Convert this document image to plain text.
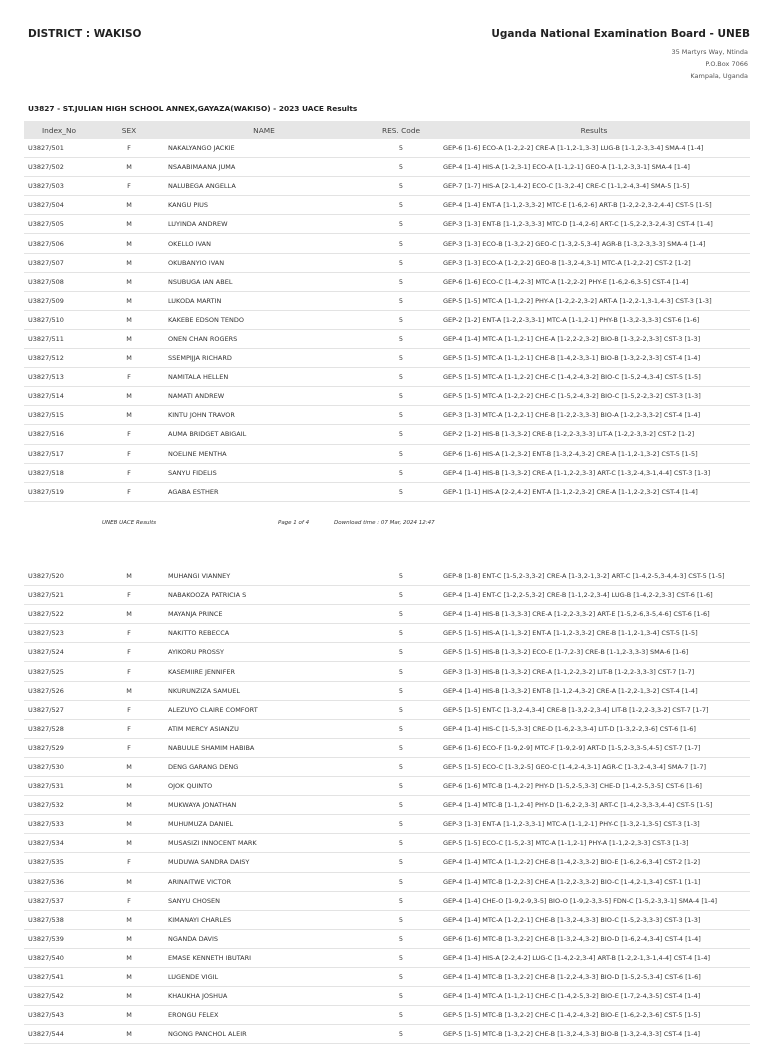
DISTRICT : WAKISO	Uganda National Examination Board - UNEB
35 Martyrs Way, Ntinda
P.O.Box 7066
Kampala, Uganda
U3827 - ST.JULIAN HIGH SCHOOL ANNEX,GAYAZA(WAKISO) - 2023 UACE Results
Index_No	SEX	NAME	RES. Code	Results
U3827/501	F	NAKALYANGO JACKIE	5	GEP-6 [1-6] ECO-A [1-2,2-2] CRE-A [1-1,2-1,3-3] LUG-B [1-1,2-3,3-4] SMA-4 [1-4]
U3827/502	M	NSAABIMAANA JUMA	5	GEP-4 [1-4] HIS-A [1-2,3-1] ECO-A [1-1,2-1] GEO-A [1-1,2-3,3-1] SMA-4 [1-4]
U3827/503	F	NALUBEGA ANGELLA	5	GEP-7 [1-7] HIS-A [2-1,4-2] ECO-C [1-3,2-4] CRE-C [1-1,2-4,3-4] SMA-5 [1-5]
U3827/504	M	KANGU PIUS	5	GEP-4 [1-4] ENT-A [1-1,2-3,3-2] MTC-E [1-6,2-6] ART-B [1-2,2-2,3-2,4-4] CST-5 [1-5]
U3827/505	M	LUYINDA ANDREW	5	GEP-3 [1-3] ENT-B [1-1,2-3,3-3] MTC-D [1-4,2-6] ART-C [1-5,2-2,3-2,4-3] CST-4 [1-4]
U3827/506	M	OKELLO IVAN	5	GEP-3 [1-3] ECO-B [1-3,2-2] GEO-C [1-3,2-5,3-4] AGR-B [1-3,2-3,3-3] SMA-4 [1-4]
U3827/507	M	OKUBANYIO IVAN	5	GEP-3 [1-3] ECO-A [1-2,2-2] GEO-B [1-3,2-4,3-1] MTC-A [1-2,2-2] CST-2 [1-2]
U3827/508	M	NSUBUGA IAN ABEL	5	GEP-6 [1-6] ECO-C [1-4,2-3] MTC-A [1-2,2-2] PHY-E [1-6,2-6,3-5] CST-4 [1-4]
U3827/509	M	LUKODA MARTIN	5	GEP-5 [1-5] MTC-A [1-1,2-2] PHY-A [1-2,2-2,3-2] ART-A [1-2,2-1,3-1,4-3] CST-3 [1-3]
U3827/510	M	KAKEBE EDSON TENDO	5	GEP-2 [1-2] ENT-A [1-2,2-3,3-1] MTC-A [1-1,2-1] PHY-B [1-3,2-3,3-3] CST-6 [1-6]
U3827/511	M	ONEN CHAN ROGERS	5	GEP-4 [1-4] MTC-A [1-1,2-1] CHE-A [1-2,2-2,3-2] BIO-B [1-3,2-2,3-3] CST-3 [1-3]
U3827/512	M	SSEMPIJJA RICHARD	5	GEP-5 [1-5] MTC-A [1-1,2-1] CHE-B [1-4,2-3,3-1] BIO-B [1-3,2-2,3-3] CST-4 [1-4]
U3827/513	F	NAMITALA HELLEN	5	GEP-5 [1-5] MTC-A [1-1,2-2] CHE-C [1-4,2-4,3-2] BIO-C [1-5,2-4,3-4] CST-5 [1-5]
U3827/514	M	NAMATI ANDREW	5	GEP-5 [1-5] MTC-A [1-2,2-2] CHE-C [1-5,2-4,3-2] BIO-C [1-5,2-2,3-2] CST-3 [1-3]
U3827/515	M	KINTU JOHN TRAVOR	5	GEP-3 [1-3] MTC-A [1-2,2-1] CHE-B [1-2,2-3,3-3] BIO-A [1-2,2-3,3-2] CST-4 [1-4]
U3827/516	F	AUMA BRIDGET ABIGAIL	5	GEP-2 [1-2] HIS-B [1-3,3-2] CRE-B [1-2,2-3,3-3] LIT-A [1-2,2-3,3-2] CST-2 [1-2]
U3827/517	F	NOELINE MENTHA	5	GEP-6 [1-6] HIS-A [1-2,3-2] ENT-B [1-3,2-4,3-2] CRE-A [1-1,2-1,3-2] CST-5 [1-5]
U3827/518	F	SANYU FIDELIS	5	GEP-4 [1-4] HIS-B [1-3,3-2] CRE-A [1-1,2-2,3-3] ART-C [1-3,2-4,3-1,4-4] CST-3 [1-3]
U3827/519	F	AGABA ESTHER	5	GEP-1 [1-1] HIS-A [2-2,4-2] ENT-A [1-1,2-2,3-2] CRE-A [1-1,2-2,3-2] CST-4 [1-4]
UNEB UACE Results	Page 1 of 4	Download time : 07 Mar, 2024 12:47
U3827/520	M	MUHANGI VIANNEY	5	GEP-8 [1-8] ENT-C [1-5,2-3,3-2] CRE-A [1-3,2-1,3-2] ART-C [1-4,2-5,3-4,4-3] CST-5 [1-5]
U3827/521	F	NABAKOOZA PATRICIA S	5	GEP-4 [1-4] ENT-C [1-2,2-5,3-2] CRE-B [1-1,2-2,3-4] LUG-B [1-4,2-2,3-3] CST-6 [1-6]
U3827/522	M	MAYANJA PRINCE	5	GEP-4 [1-4] HIS-B [1-3,3-3] CRE-A [1-2,2-3,3-2] ART-E [1-5,2-6,3-5,4-6] CST-6 [1-6]
U3827/523	F	NAKITTO REBECCA	5	GEP-5 [1-5] HIS-A [1-1,3-2] ENT-A [1-1,2-3,3-2] CRE-B [1-1,2-1,3-4] CST-5 [1-5]
U3827/524	F	AYIKORU PROSSY	5	GEP-5 [1-5] HIS-B [1-3,3-2] ECO-E [1-7,2-3] CRE-B [1-1,2-3,3-3] SMA-6 [1-6]
U3827/525	F	KASEMIIRE JENNIFER	5	GEP-3 [1-3] HIS-B [1-3,3-2] CRE-A [1-1,2-2,3-2] LIT-B [1-2,2-3,3-3] CST-7 [1-7]
U3827/526	M	NKURUNZIZA SAMUEL	5	GEP-4 [1-4] HIS-B [1-3,3-2] ENT-B [1-1,2-4,3-2] CRE-A [1-2,2-1,3-2] CST-4 [1-4]
U3827/527	F	ALEZUYO CLAIRE COMFORT	5	GEP-5 [1-5] ENT-C [1-3,2-4,3-4] CRE-B [1-3,2-2,3-4] LIT-B [1-2,2-3,3-2] CST-7 [1-7]
U3827/528	F	ATIM MERCY ASIANZU	5	GEP-4 [1-4] HIS-C [1-5,3-3] CRE-D [1-6,2-3,3-4] LIT-D [1-3,2-2,3-6] CST-6 [1-6]
U3827/529	F	NABUULE SHAMIM HABIBA	5	GEP-6 [1-6] ECO-F [1-9,2-9] MTC-F [1-9,2-9] ART-D [1-5,2-3,3-5,4-5] CST-7 [1-7]
U3827/530	M	DENG GARANG DENG	5	GEP-5 [1-5] ECO-C [1-3,2-5] GEO-C [1-4,2-4,3-1] AGR-C [1-3,2-4,3-4] SMA-7 [1-7]
U3827/531	M	OJOK QUINTO	5	GEP-6 [1-6] MTC-B [1-4,2-2] PHY-D [1-5,2-5,3-3] CHE-D [1-4,2-5,3-5] CST-6 [1-6]
U3827/532	M	MUKWAYA JONATHAN	5	GEP-4 [1-4] MTC-B [1-1,2-4] PHY-D [1-6,2-2,3-3] ART-C [1-4,2-3,3-3,4-4] CST-5 [1-5]
U3827/533	M	MUHUMUZA DANIEL	5	GEP-3 [1-3] ENT-A [1-1,2-3,3-1] MTC-A [1-1,2-1] PHY-C [1-3,2-1,3-5] CST-3 [1-3]
U3827/534	M	MUSASIZI INNOCENT MARK	5	GEP-5 [1-5] ECO-C [1-5,2-3] MTC-A [1-1,2-1] PHY-A [1-1,2-2,3-3] CST-3 [1-3]
U3827/535	F	MUDUWA SANDRA DAISY	5	GEP-4 [1-4] MTC-A [1-1,2-2] CHE-B [1-4,2-3,3-2] BIO-E [1-6,2-6,3-4] CST-2 [1-2]
U3827/536	M	ARINAITWE VICTOR	5	GEP-4 [1-4] MTC-B [1-2,2-3] CHE-A [1-2,2-3,3-2] BIO-C [1-4,2-1,3-4] CST-1 [1-1]
U3827/537	F	SANYU CHOSEN	5	GEP-4 [1-4] CHE-O [1-9,2-9,3-5] BIO-O [1-9,2-3,3-5] FDN-C [1-5,2-3,3-1] SMA-4 [1-4]
U3827/538	M	KIMANAYI CHARLES	5	GEP-4 [1-4] MTC-A [1-2,2-1] CHE-B [1-3,2-4,3-3] BIO-C [1-5,2-3,3-3] CST-3 [1-3]
U3827/539	M	NGANDA DAVIS	5	GEP-6 [1-6] MTC-B [1-3,2-2] CHE-B [1-3,2-4,3-2] BIO-D [1-6,2-4,3-4] CST-4 [1-4]
U3827/540	M	EMASE KENNETH IBUTARI	5	GEP-4 [1-4] HIS-A [2-2,4-2] LUG-C [1-4,2-2,3-4] ART-B [1-2,2-1,3-1,4-4] CST-4 [1-4]
U3827/541	M	LUGENDE VIGIL	5	GEP-4 [1-4] MTC-B [1-3,2-2] CHE-B [1-2,2-4,3-3] BIO-D [1-5,2-5,3-4] CST-6 [1-6]
U3827/542	M	KHAUKHA JOSHUA	5	GEP-4 [1-4] MTC-A [1-1,2-1] CHE-C [1-4,2-5,3-2] BIO-E [1-7,2-4,3-5] CST-4 [1-4]
U3827/543	M	ERONGU FELEX	5	GEP-5 [1-5] MTC-B [1-3,2-2] CHE-C [1-4,2-4,3-2] BIO-E [1-6,2-2,3-6] CST-5 [1-5]
U3827/544	M	NGONG PANCHOL ALEIR	5	GEP-5 [1-5] MTC-B [1-3,2-2] CHE-B [1-3,2-4,3-3] BIO-B [1-3,2-4,3-3] CST-4 [1-4]
